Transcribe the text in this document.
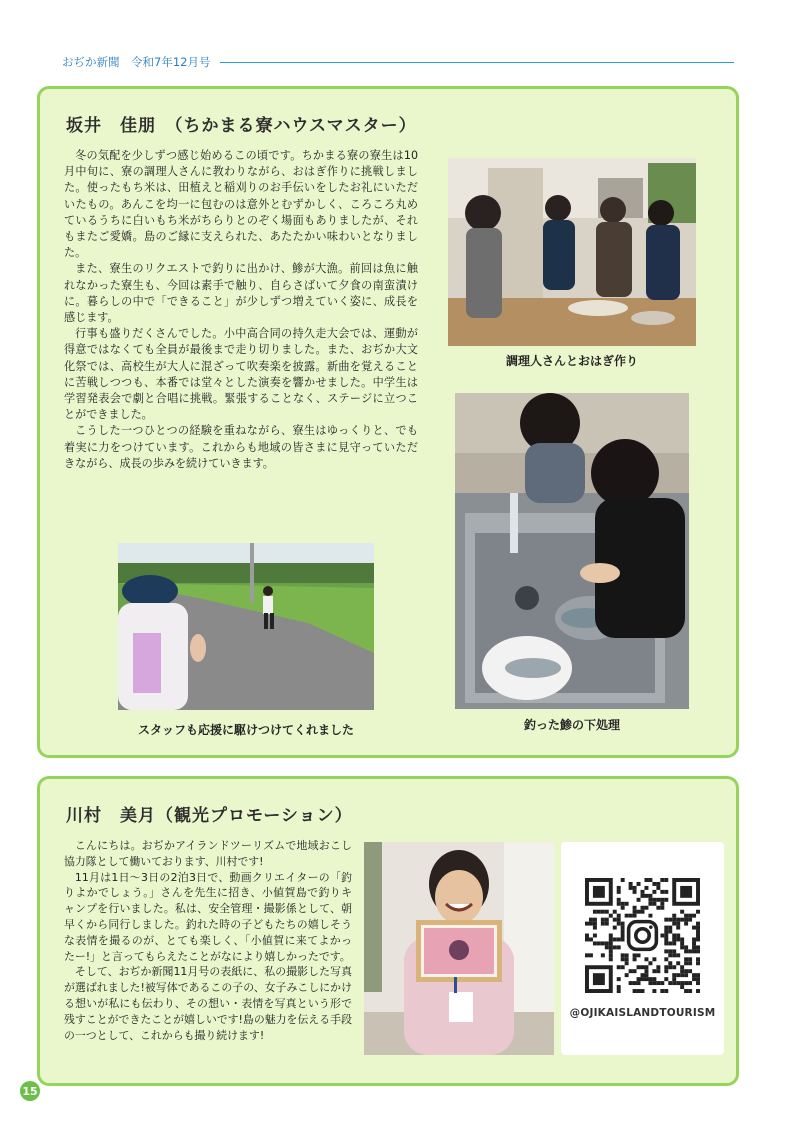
おぢか新聞　令和7年12月号
坂井　佳朋　（ちかまる寮ハウスマスター）

冬の気配を少しずつ感じ始めるこの頃です。ちかまる寮の寮生は10月中旬に、寮の調理人さんに教わりながら、おはぎ作りに挑戦しました。使ったもち米は、田植えと稲刈りのお手伝いをしたお礼にいただいたもの。あんこを均一に包むのは意外とむずかしく、ころころ丸めているうちに白いもち米がちらりとのぞく場面もありましたが、それもまたご愛嬌。島のご縁に支えられた、あたたかい味わいとなりました。

また、寮生のリクエストで釣りに出かけ、鯵が大漁。前回は魚に触れなかった寮生も、今回は素手で触り、自らさばいて夕食の南蛮漬けに。暮らしの中で「できること」が少しずつ増えていく姿に、成長を感じます。

行事も盛りだくさんでした。小中高合同の持久走大会では、運動が得意ではなくても全員が最後まで走り切りました。また、おぢか大文化祭では、高校生が大人に混ざって吹奏楽を披露。新曲を覚えることに苦戦しつつも、本番では堂々とした演奏を響かせました。中学生は学習発表会で劇と合唱に挑戦。緊張することなく、ステージに立つことができました。

こうした一つひとつの経験を重ねながら、寮生はゆっくりと、でも着実に力をつけています。これからも地域の皆さまに見守っていただきながら、成長の歩みを続けていきます。

調理人さんとおはぎ作り
釣った鯵の下処理
スタッフも応援に駆けつけてくれました
川村　美月（観光プロモーション）

こんにちは。おぢかアイランドツーリズムで地域おこし協力隊として働いております、川村です!

11月は1日～3日の2泊3日で、動画クリエイターの「釣りよかでしょう。」さんを先生に招き、小値賀島で釣りキャンプを行いました。私は、安全管理・撮影係として、朝早くから同行しました。釣れた時の子どもたちの嬉しそうな表情を撮るのが、とても楽しく、「小値賀に来てよかったー!」と言ってもらえたことがなにより嬉しかったです。

そして、おぢか新聞11月号の表紙に、私の撮影した写真が選ばれました!被写体であるこの子の、女子みこしにかける想いが私にも伝わり、その想い・表情を写真という形で残すことができたことが嬉しいです!島の魅力を伝える手段の一つとして、これからも撮り続けます!

@OJIKAISLANDTOURISM
15
